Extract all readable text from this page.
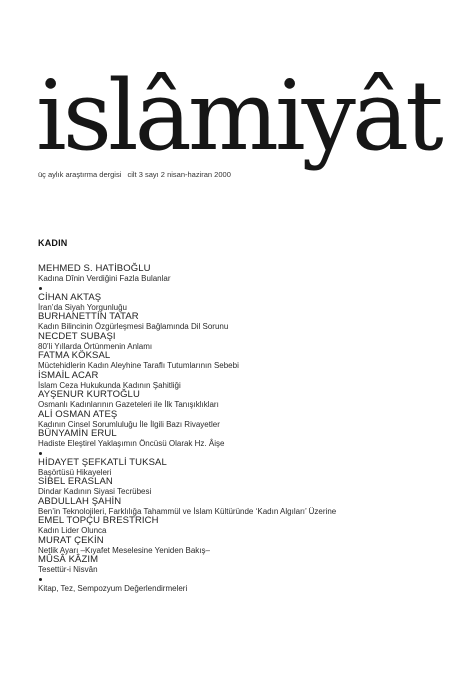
islâmiyât
üç aylık araştırma dergisi cilt 3 sayı 2 nisan-haziran 2000
KADIN
MEHMED S. HATİBOĞLU
Kadına Dînin Verdiğini Fazla Bulanlar
CİHAN AKTAŞ
İran’da Siyah Yorgunluğu
BURHANETTİN TATAR
Kadın Bilincinin Özgürleşmesi Bağlamında Dil Sorunu
NECDET SUBAŞI
80’li Yıllarda Örtünmenin Anlamı
FATMA KÖKSAL
Müctehidlerin Kadın Aleyhine Taraflı Tutumlarının Sebebi
İSMAİL ACAR
İslam Ceza Hukukunda Kadının Şahitliği
AYŞENUR KURTOĞLU
Osmanlı Kadınlarının Gazeteleri ile İlk Tanışıklıkları
ALİ OSMAN ATEŞ
Kadının Cinsel Sorumluluğu İle İlgili Bazı Rivayetler
BÜNYAMİN ERUL
Hadiste Eleştirel Yaklaşımın Öncüsü Olarak Hz. Âişe
HİDAYET ŞEFKATLİ TUKSAL
Başörtüsü Hikayeleri
SİBEL ERASLAN
Dindar Kadının Siyasi Tecrübesi
ABDULLAH ŞAHİN
Ben’in Teknolojileri, Farklılığa Tahammül ve İslam Kültüründe ‘Kadın Algıları’ Üzerine
EMEL TOPÇU BRESTRICH
Kadın Lider Olunca
MURAT ÇEKİN
Netlik Ayarı –Kıyafet Meselesine Yeniden Bakış–
MÛSÂ KÂZIM
Tesettür-i Nisvân
Kitap, Tez, Sempozyum Değerlendirmeleri
